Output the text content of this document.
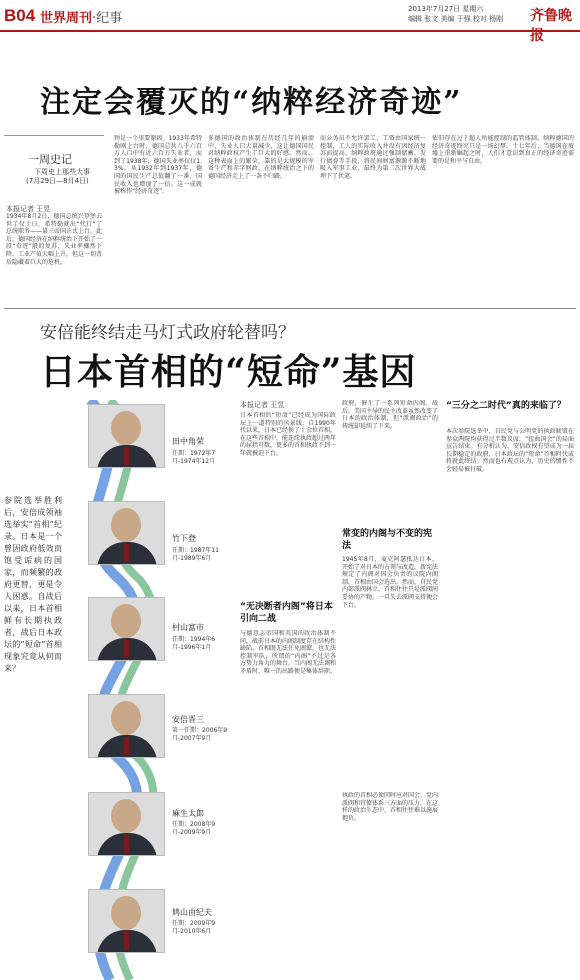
B04 世界周刊·纪事
2013年7月27日 星期六
编辑 张文 美编 于强 校对 杨刚 齐鲁晚报
注定会覆灭的“纳粹经济奇迹”
一周史记
下周史上那些大事
(7月29日—8月4日)
本报记者 王昱
1934年8月2日，德国总统兴登堡去世了仅十日，希特勒就出“代行”了总统职务——第三帝国正式上台。此后，德国经济在纳粹统治下开始了一段“奇迹”般的复苏，失业率骤然下降，工业产值大幅上升，但这一切背后隐藏着巨大的危机。
物是一个重要原因。1933年希特勒刚上台时，德国总共八千六百万人口中有近六百万失业者，而到了1938年，德国失业率仅仅1.3%。从1932年到1937年，德国的国民生产总值翻了一番，国民收入也增加了一倍。这一成就被称作“经济奇迹”。
多德国的政治体制在历经几年的崩溃中，失业人口大量减少，这让德国国民对纳粹政权产生了巨大的好感。然而，这种表面上的繁荣，靠的是大规模的军备生产和赤字财政，在纳粹统治之下的德国经济走上了一条不归路。
而公务员不允许罢工，工资由国家统一控制，工人的实际收入并没有因经济复苏而提高。纳粹政府通过强制储蓄、发行债券等手段，将民间财富源源不断地吸入军事工业，最终为第二次世界大战埋下了伏笔。
依旧存在过于超人所能控制的监管体制，纳粹德国的经济奇迹终究只是一场幻梦。十七年后，当德国在废墟上重新崛起之时，人们才意识到真正的经济奇迹需要的是和平与自由。
安倍能终结走马灯式政府轮替吗？
日本首相的“短命”基因
参院选举胜利后，安倍成领袖选举实“首相”纪录。日本是一个曾因政府低效而饱受诟病的国家，而频繁的政府更替，更是令人困惑。自战后以来，日本首相鲜有长期执政者，战后日本政坛的“短命”首相现象究竟从何而来？
田中角荣
任期：1972年7月-1974年12月
竹下登
任期：1987年11月-1989年6月
村山富市
任期：1994年6月-1996年1月
安倍晋三
第一任期：2006年9月-2007年9月
麻生太郎
任期：2008年9月-2009年9月
鸠山由纪夫
任期：2009年9月-2010年6月
本报记者 王昱
日本首相的“短命”已经成为国际政坛上一道特别的风景线。自1990年代以来，日本已经换了十余位首相。在这些首相中，能连续执政超过两年的屈指可数，更多的首相执政不到一年就被迫下台。
“无决断者内阁”将日本引向二战
与德意志帝国和英国的政治体制不同，战前日本的内阁制度存在结构性缺陷。首相既无法任免阁僚，也无法控制军队，所谓的“内阁”不过是各方势力角力的舞台。当内阁无法调和矛盾时，唯一的出路便是集体辞职。
政府，催生了一系列短命内阁。战后，美国主导的民主改革虽然改变了日本的政治体制，但“派阀政治”的传统却延续了下来。
常变的内阁与不变的宪法
1945年8月，麦克阿瑟抵达日本，开始了对日本的占领与改造。新宪法规定了内阁对国会负责的议院内阁制，首相由国会选出。然而，自民党内部派阀林立，首相往往只是派阀间妥协的产物，一旦失去派阀支持便会下台。
执政的首相必须同时应对国会、党内派阀和官僚体系三方面的压力。在这样的政治生态中，首相往往难以施展抱负。
“三分之二时代”真的来临了？
本次参院选举中，自民党与公明党的执政联盟在参众两院均获得过半数议席，“扭曲国会”的局面宣告结束。有分析认为，安倍政权有望成为一届长期稳定的政府，日本政坛的“短命”首相时代或将就此终结。然而也有观点认为，历史的惯性不会轻易被打破。
